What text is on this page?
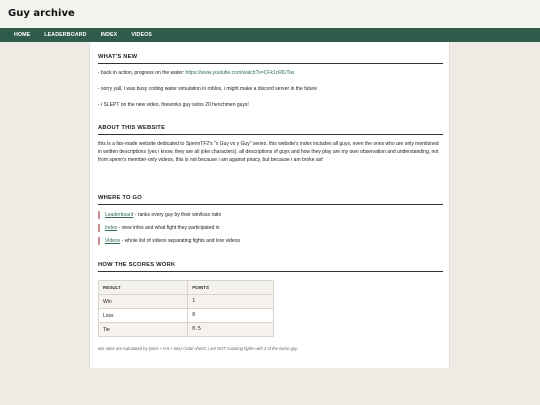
Guy archive
HOME	LEADERBOARD	INDEX	VIDEOS
WHAT'S NEW
- back in action, progress on the water: https://www.youtube.com/watch?v=CFk1cRlUTiw
- sorry yall, i was busy coding water simulation in roblox, i might make a discord server in the future
- i SLEPT on the new video, fireworks guy solos 20 henchmen guys!
ABOUT THIS WEBSITE
this is a fan-made website dedicated to SpennTF2's "x Guy vs y Guy" series. this website's index includes all guys, even the ones who are only mentioned in written descriptions (yes i know, they are all joke characters). all descriptions of guys and how they play are my own observation and understanding, not from spenn's member-only videos, this is not because i am against piracy, but because i am broke asf
WHERE TO GO
Leaderboard - ranks every guy by their win/loss ratio
Index - view infos and what fight they participated in
Videos - whole list of videos separating fights and lore videos
HOW THE SCORES WORK
RESULT	POINTS
Win	1
Loss	0
Tie	0.5
win rates are calculated by (wins + 0.5 × ties) / total shorts; i am NOT counting fights with 2 of the same guy
